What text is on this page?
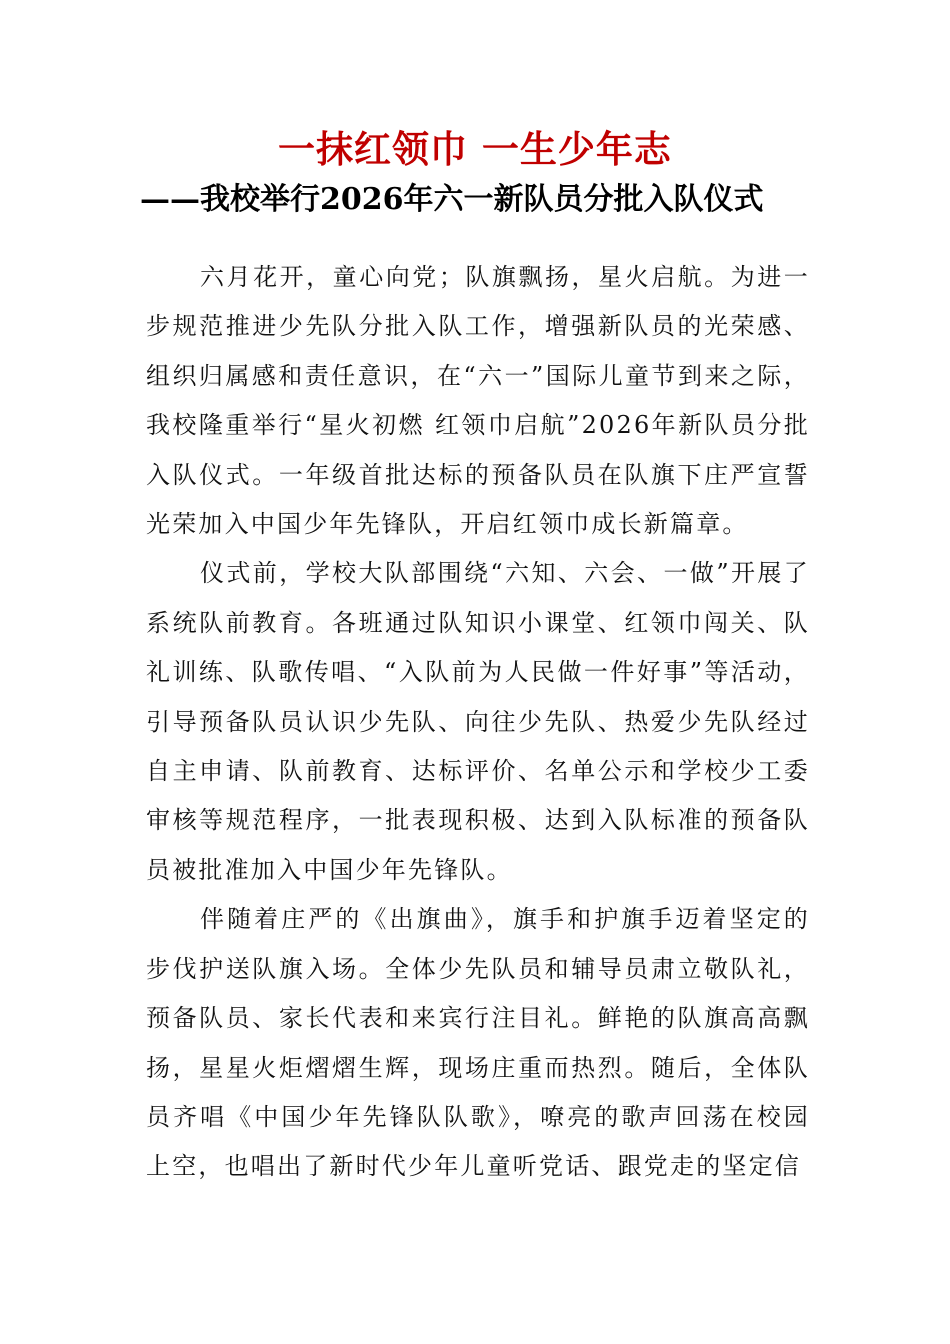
一抹红领巾 一生少年志
——我校举行2026年六一新队员分批入队仪式

六月花开，童心向党；队旗飘扬，星火启航。为进一步规范推进少先队分批入队工作，增强新队员的光荣感、组织归属感和责任意识，在“六一”国际儿童节到来之际，我校隆重举行“星火初燃 红领巾启航”2026年新队员分批入队仪式。一年级首批达标的预备队员在队旗下庄严宣誓光荣加入中国少年先锋队，开启红领巾成长新篇章。

仪式前，学校大队部围绕“六知、六会、一做”开展了系统队前教育。各班通过队知识小课堂、红领巾闯关、队礼训练、队歌传唱、“入队前为人民做一件好事”等活动，引导预备队员认识少先队、向往少先队、热爱少先队经过自主申请、队前教育、达标评价、名单公示和学校少工委审核等规范程序，一批表现积极、达到入队标准的预备队员被批准加入中国少年先锋队。

伴随着庄严的《出旗曲》，旗手和护旗手迈着坚定的步伐护送队旗入场。全体少先队员和辅导员肃立敬队礼，预备队员、家长代表和来宾行注目礼。鲜艳的队旗高高飘扬，星星火炬熠熠生辉，现场庄重而热烈。随后，全体队员齐唱《中国少年先锋队队歌》，嘹亮的歌声回荡在校园上空，也唱出了新时代少年儿童听党话、跟党走的坚定信
